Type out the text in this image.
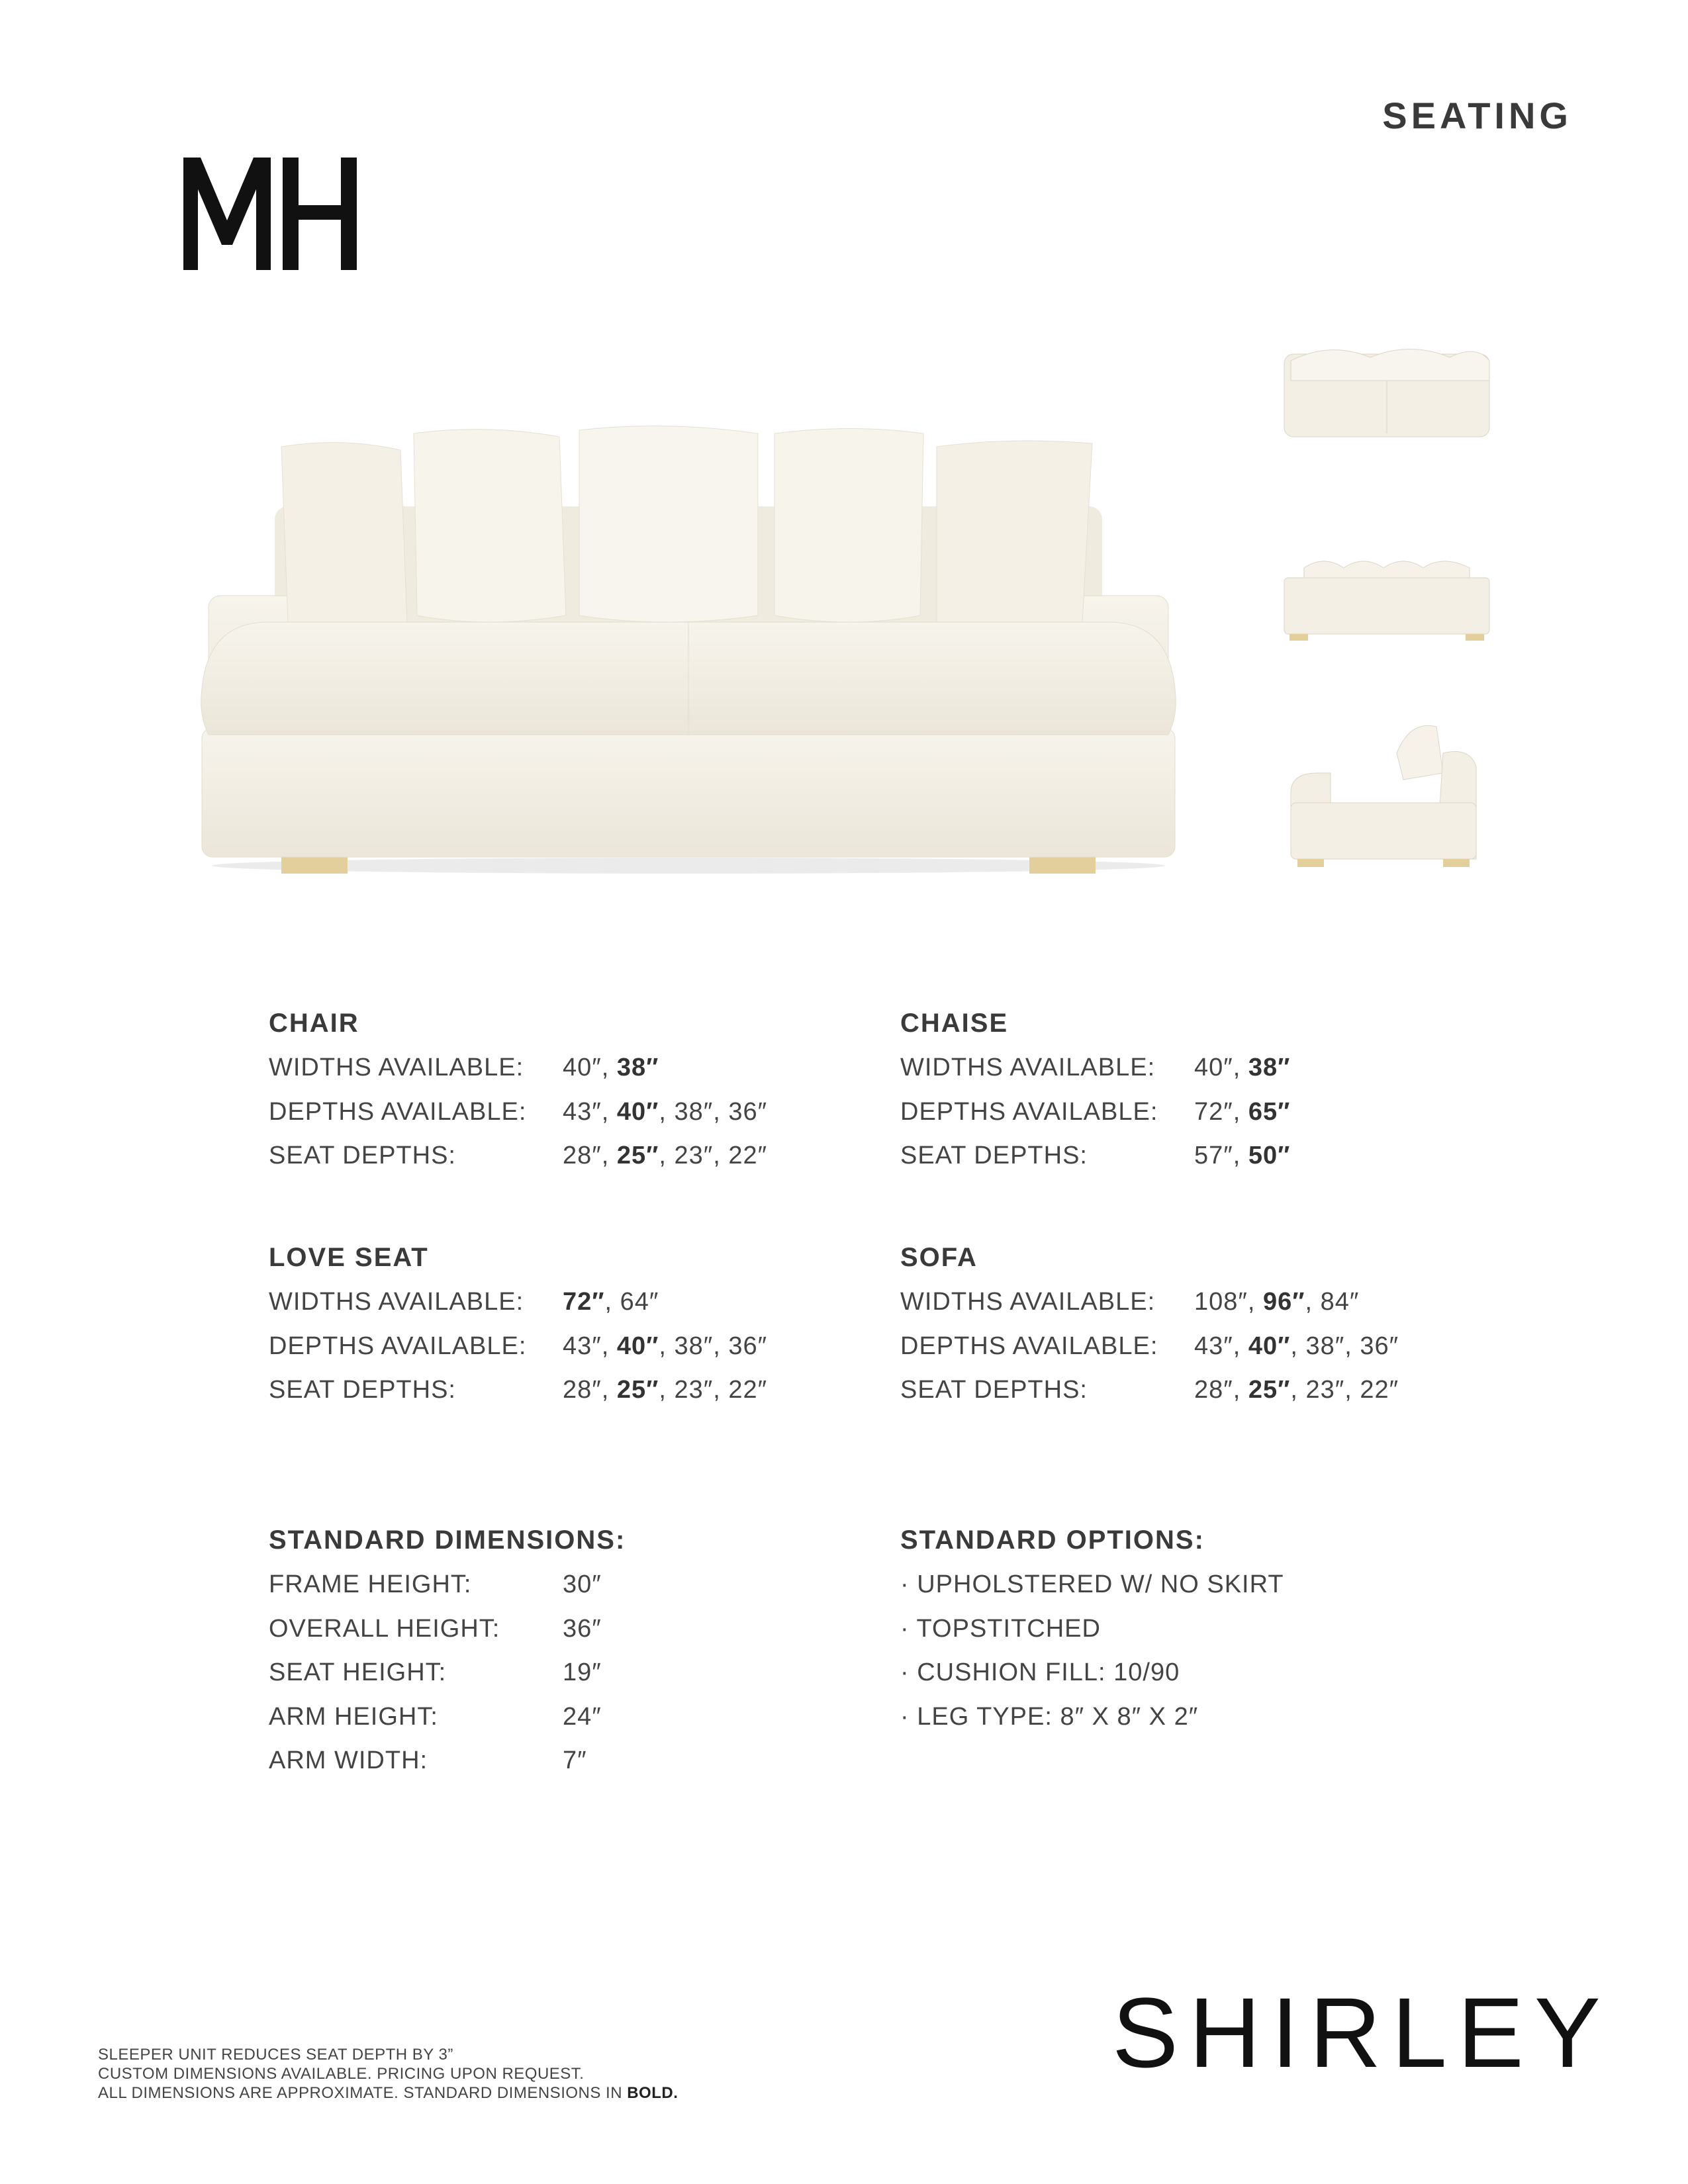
SEATING
CHAIR
WIDTHS AVAILABLE:	40″, 38″
DEPTHS AVAILABLE:	43″, 40″, 38″, 36″
SEAT DEPTHS:	28″, 25″, 23″, 22″
CHAISE
WIDTHS AVAILABLE:	40″, 38″
DEPTHS AVAILABLE:	72″, 65″
SEAT DEPTHS:	57″, 50″
LOVE SEAT
WIDTHS AVAILABLE:	72″, 64″
DEPTHS AVAILABLE:	43″, 40″, 38″, 36″
SEAT DEPTHS:	28″, 25″, 23″, 22″
SOFA
WIDTHS AVAILABLE:	108″, 96″, 84″
DEPTHS AVAILABLE:	43″, 40″, 38″, 36″
SEAT DEPTHS:	28″, 25″, 23″, 22″
STANDARD DIMENSIONS:
FRAME HEIGHT:	30″
OVERALL HEIGHT:	36″
SEAT HEIGHT:	19″
ARM HEIGHT:	24″
ARM WIDTH:	7″
STANDARD OPTIONS:
· UPHOLSTERED W/ NO SKIRT
· TOPSTITCHED
· CUSHION FILL: 10/90
· LEG TYPE: 8″ X 8″ X 2″
SHIRLEY
SLEEPER UNIT REDUCES SEAT DEPTH BY 3”
CUSTOM DIMENSIONS AVAILABLE. PRICING UPON REQUEST.
ALL DIMENSIONS ARE APPROXIMATE. STANDARD DIMENSIONS IN BOLD.
